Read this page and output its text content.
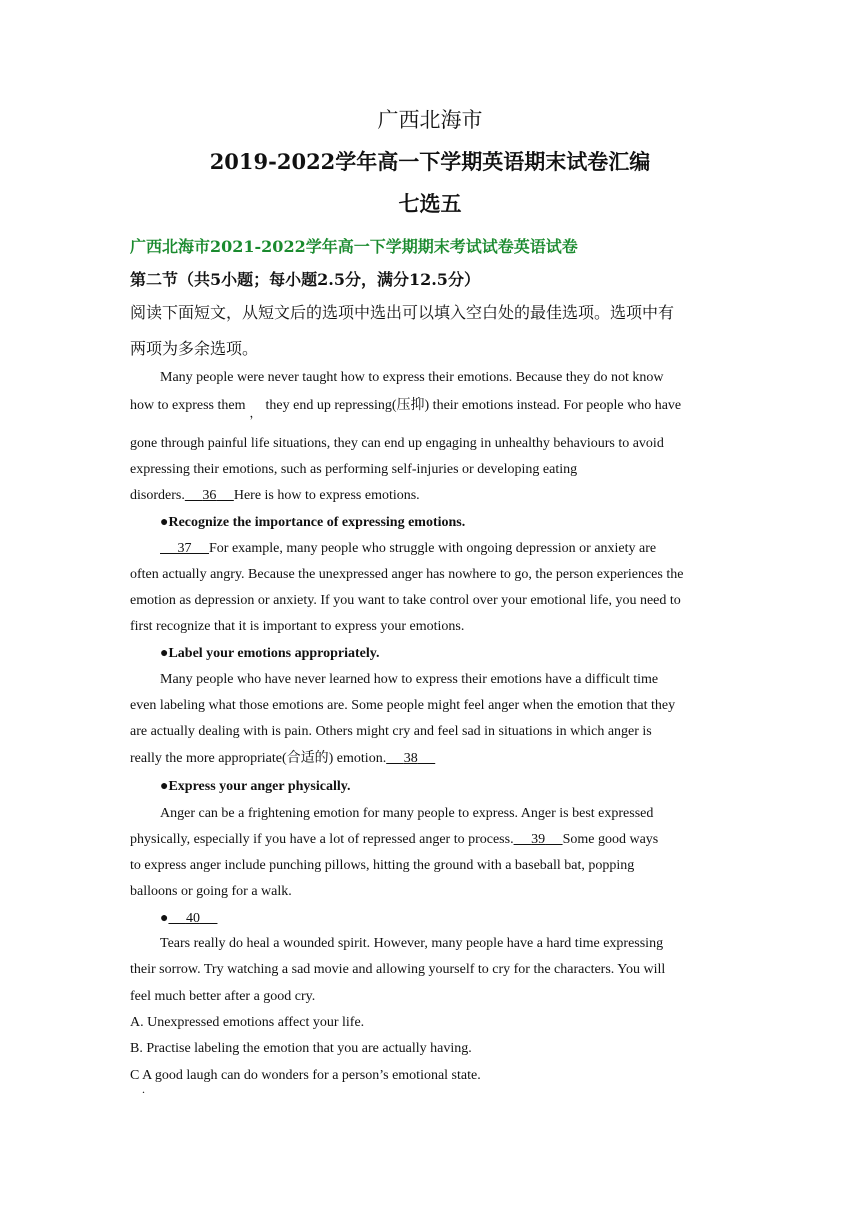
广西北海市
2019-2022学年高一下学期英语期末试卷汇编
七选五
广西北海市2021-2022学年高一下学期期末考试试卷英语试卷
第二节（共5小题；每小题2.5分，满分12.5分）
阅读下面短文，从短文后的选项中选出可以填入空白处的最佳选项。选项中有
两项为多余选项。
Many people were never taught how to express their emotions. Because they do not know
how to express them ， they end up repressing(压抑) their emotions instead. For people who have
gone through painful life situations, they can end up engaging in unhealthy behaviours to avoid
expressing their emotions, such as performing self-injuries or developing eating
disorders. 36 Here is how to express emotions.
●Recognize the importance of expressing emotions.
37 For example, many people who struggle with ongoing depression or anxiety are
often actually angry. Because the unexpressed anger has nowhere to go, the person experiences the
emotion as depression or anxiety. If you want to take control over your emotional life, you need to
first recognize that it is important to express your emotions.
●Label your emotions appropriately.
Many people who have never learned how to express their emotions have a difficult time
even labeling what those emotions are. Some people might feel anger when the emotion that they
are actually dealing with is pain. Others might cry and feel sad in situations in which anger is
really the more appropriate(合适的) emotion. 38
●Express your anger physically.
Anger can be a frightening emotion for many people to express. Anger is best expressed
physically, especially if you have a lot of repressed anger to process. 39 Some good ways
to express anger include punching pillows, hitting the ground with a baseball bat, popping
balloons or going for a walk.
● 40
Tears really do heal a wounded spirit. However, many people have a hard time expressing
their sorrow. Try watching a sad movie and allowing yourself to cry for the characters. You will
feel much better after a good cry.
A. Unexpressed emotions affect your life.
B. Practise labeling the emotion that you are actually having.
C A good laugh can do wonders for a person’s emotional state.
.
